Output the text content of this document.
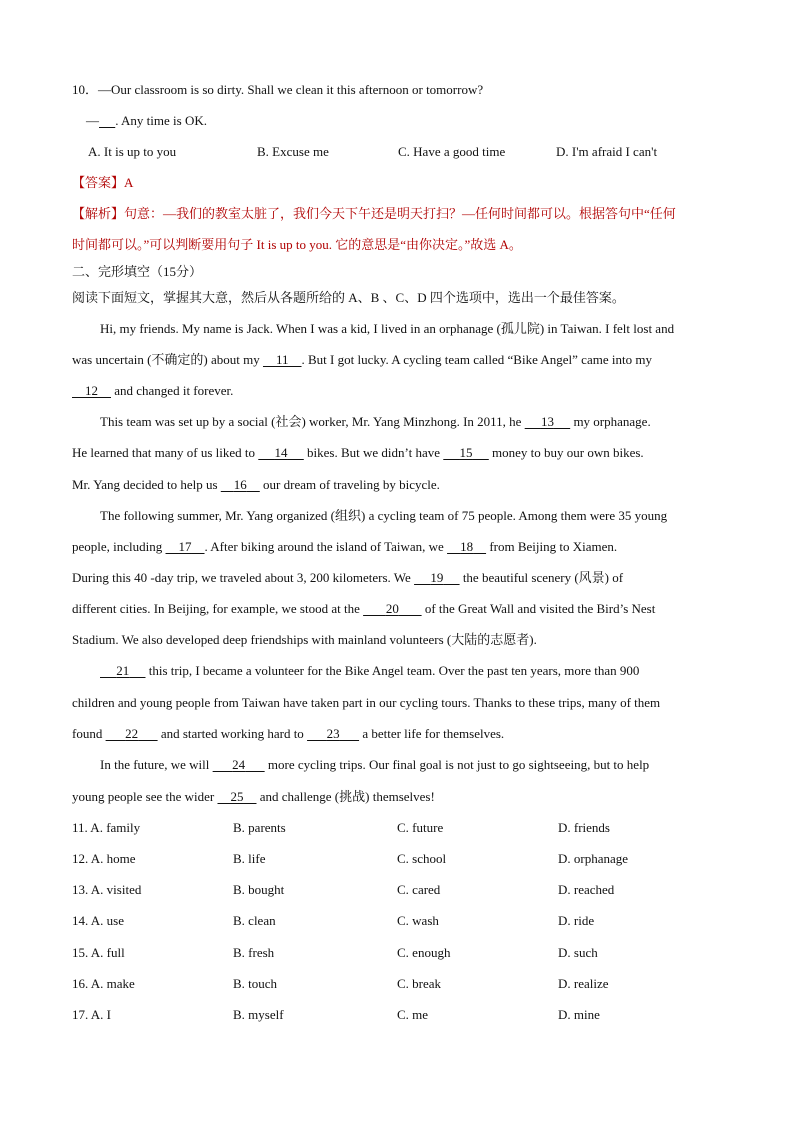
10．—Our classroom is so dirty. Shall we clean it this afternoon or tomorrow?
— . Any time is OK.
A. It is up to you	B. Excuse me	C. Have a good time	D. I'm afraid I can't
【答案】A
【解析】句意：—我们的教室太脏了，我们今天下午还是明天打扫？—任何时间都可以。根据答句中“任何
时间都可以。”可以判断要用句子 It is up to you. 它的意思是“由你决定。”故选 A。
二、完形填空（15分）
阅读下面短文，掌握其大意，然后从各题所给的 A、B 、C、D 四个选项中，选出一个最佳答案。
Hi, my friends. My name is Jack. When I was a kid, I lived in an orphanage (孤儿院) in Taiwan. I felt lost and
was uncertain (不确定的) about my     11 . But I got lucky. A cycling team called “Bike Angel” came into my
12     and changed it forever.
This team was set up by a social (社会) worker, Mr. Yang Minzhong. In 2011, he      13      my orphanage.
He learned that many of us liked to      14      bikes. But we didn’t have      15      money to buy our own bikes.
Mr. Yang decided to help us     16     our dream of traveling by bicycle.
The following summer, Mr. Yang organized (组织) a cycling team of 75 people. Among them were 35 young
people, including     17 . After biking around the island of Taiwan, we     18     from Beijing to Xiamen.
During this 40 -day trip, we traveled about 3, 200 kilometers. We      19      the beautiful scenery (风景) of
different cities. In Beijing, for example, we stood at the        20        of the Great Wall and visited the Bird’s Nest
Stadium. We also developed deep friendships with mainland volunteers (大陆的志愿者).
21      this trip, I became a volunteer for the Bike Angel team. Over the past ten years, more than 900
children and young people from Taiwan have taken part in our cycling tours. Thanks to these trips, many of them
found       22       and started working hard to       23       a better life for themselves.
In the future, we will       24       more cycling trips. Our final goal is not just to go sightseeing, but to help
young people see the wider     25     and challenge (挑战) themselves!
11. A. family	B. parents	C. future	D. friends
12. A. home	B. life	C. school	D. orphanage
13. A. visited	B. bought	C. cared	D. reached
14. A. use	B. clean	C. wash	D. ride
15. A. full	B. fresh	C. enough	D. such
16. A. make	B. touch	C. break	D. realize
17. A. I	B. myself	C. me	D. mine
